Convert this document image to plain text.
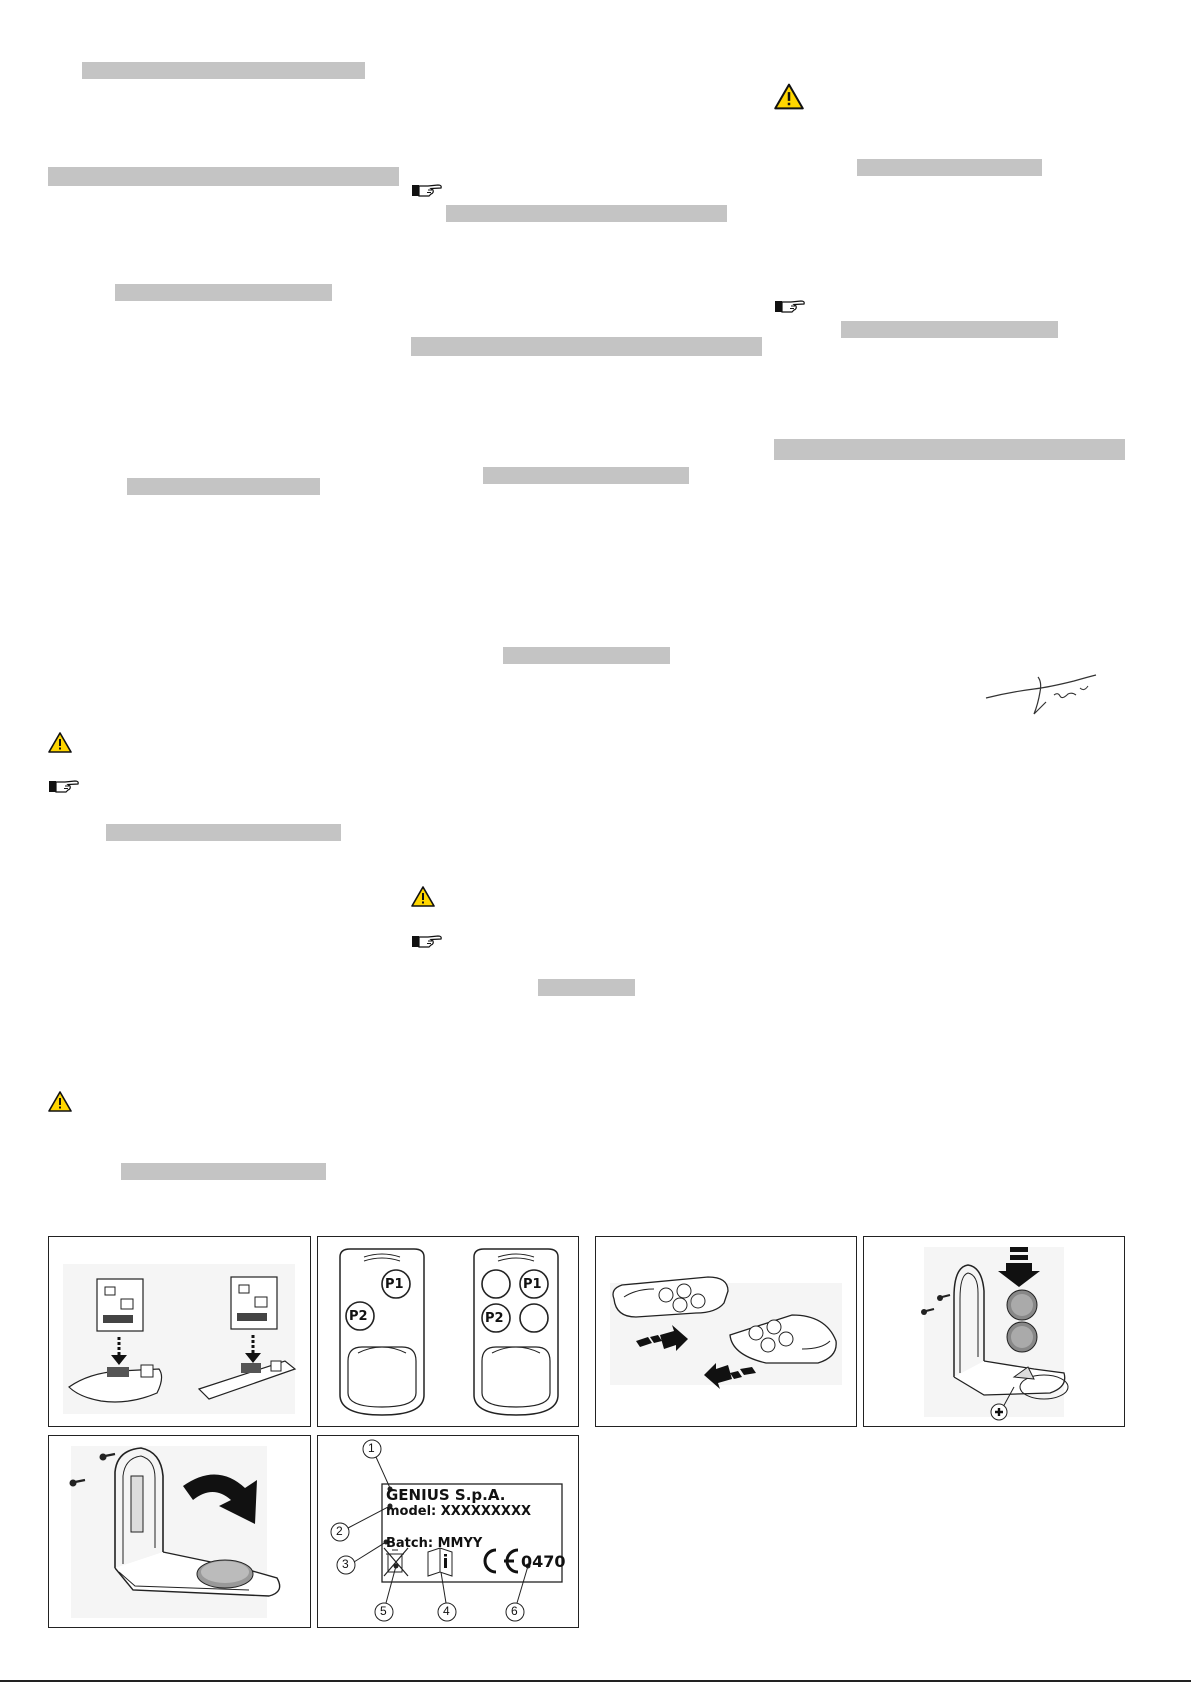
P1
P2
P1
P2
1
2
3
5	4	6
GENIUS S.p.A.
model: XXXXXXXXX
Batch: MMYY
0470
